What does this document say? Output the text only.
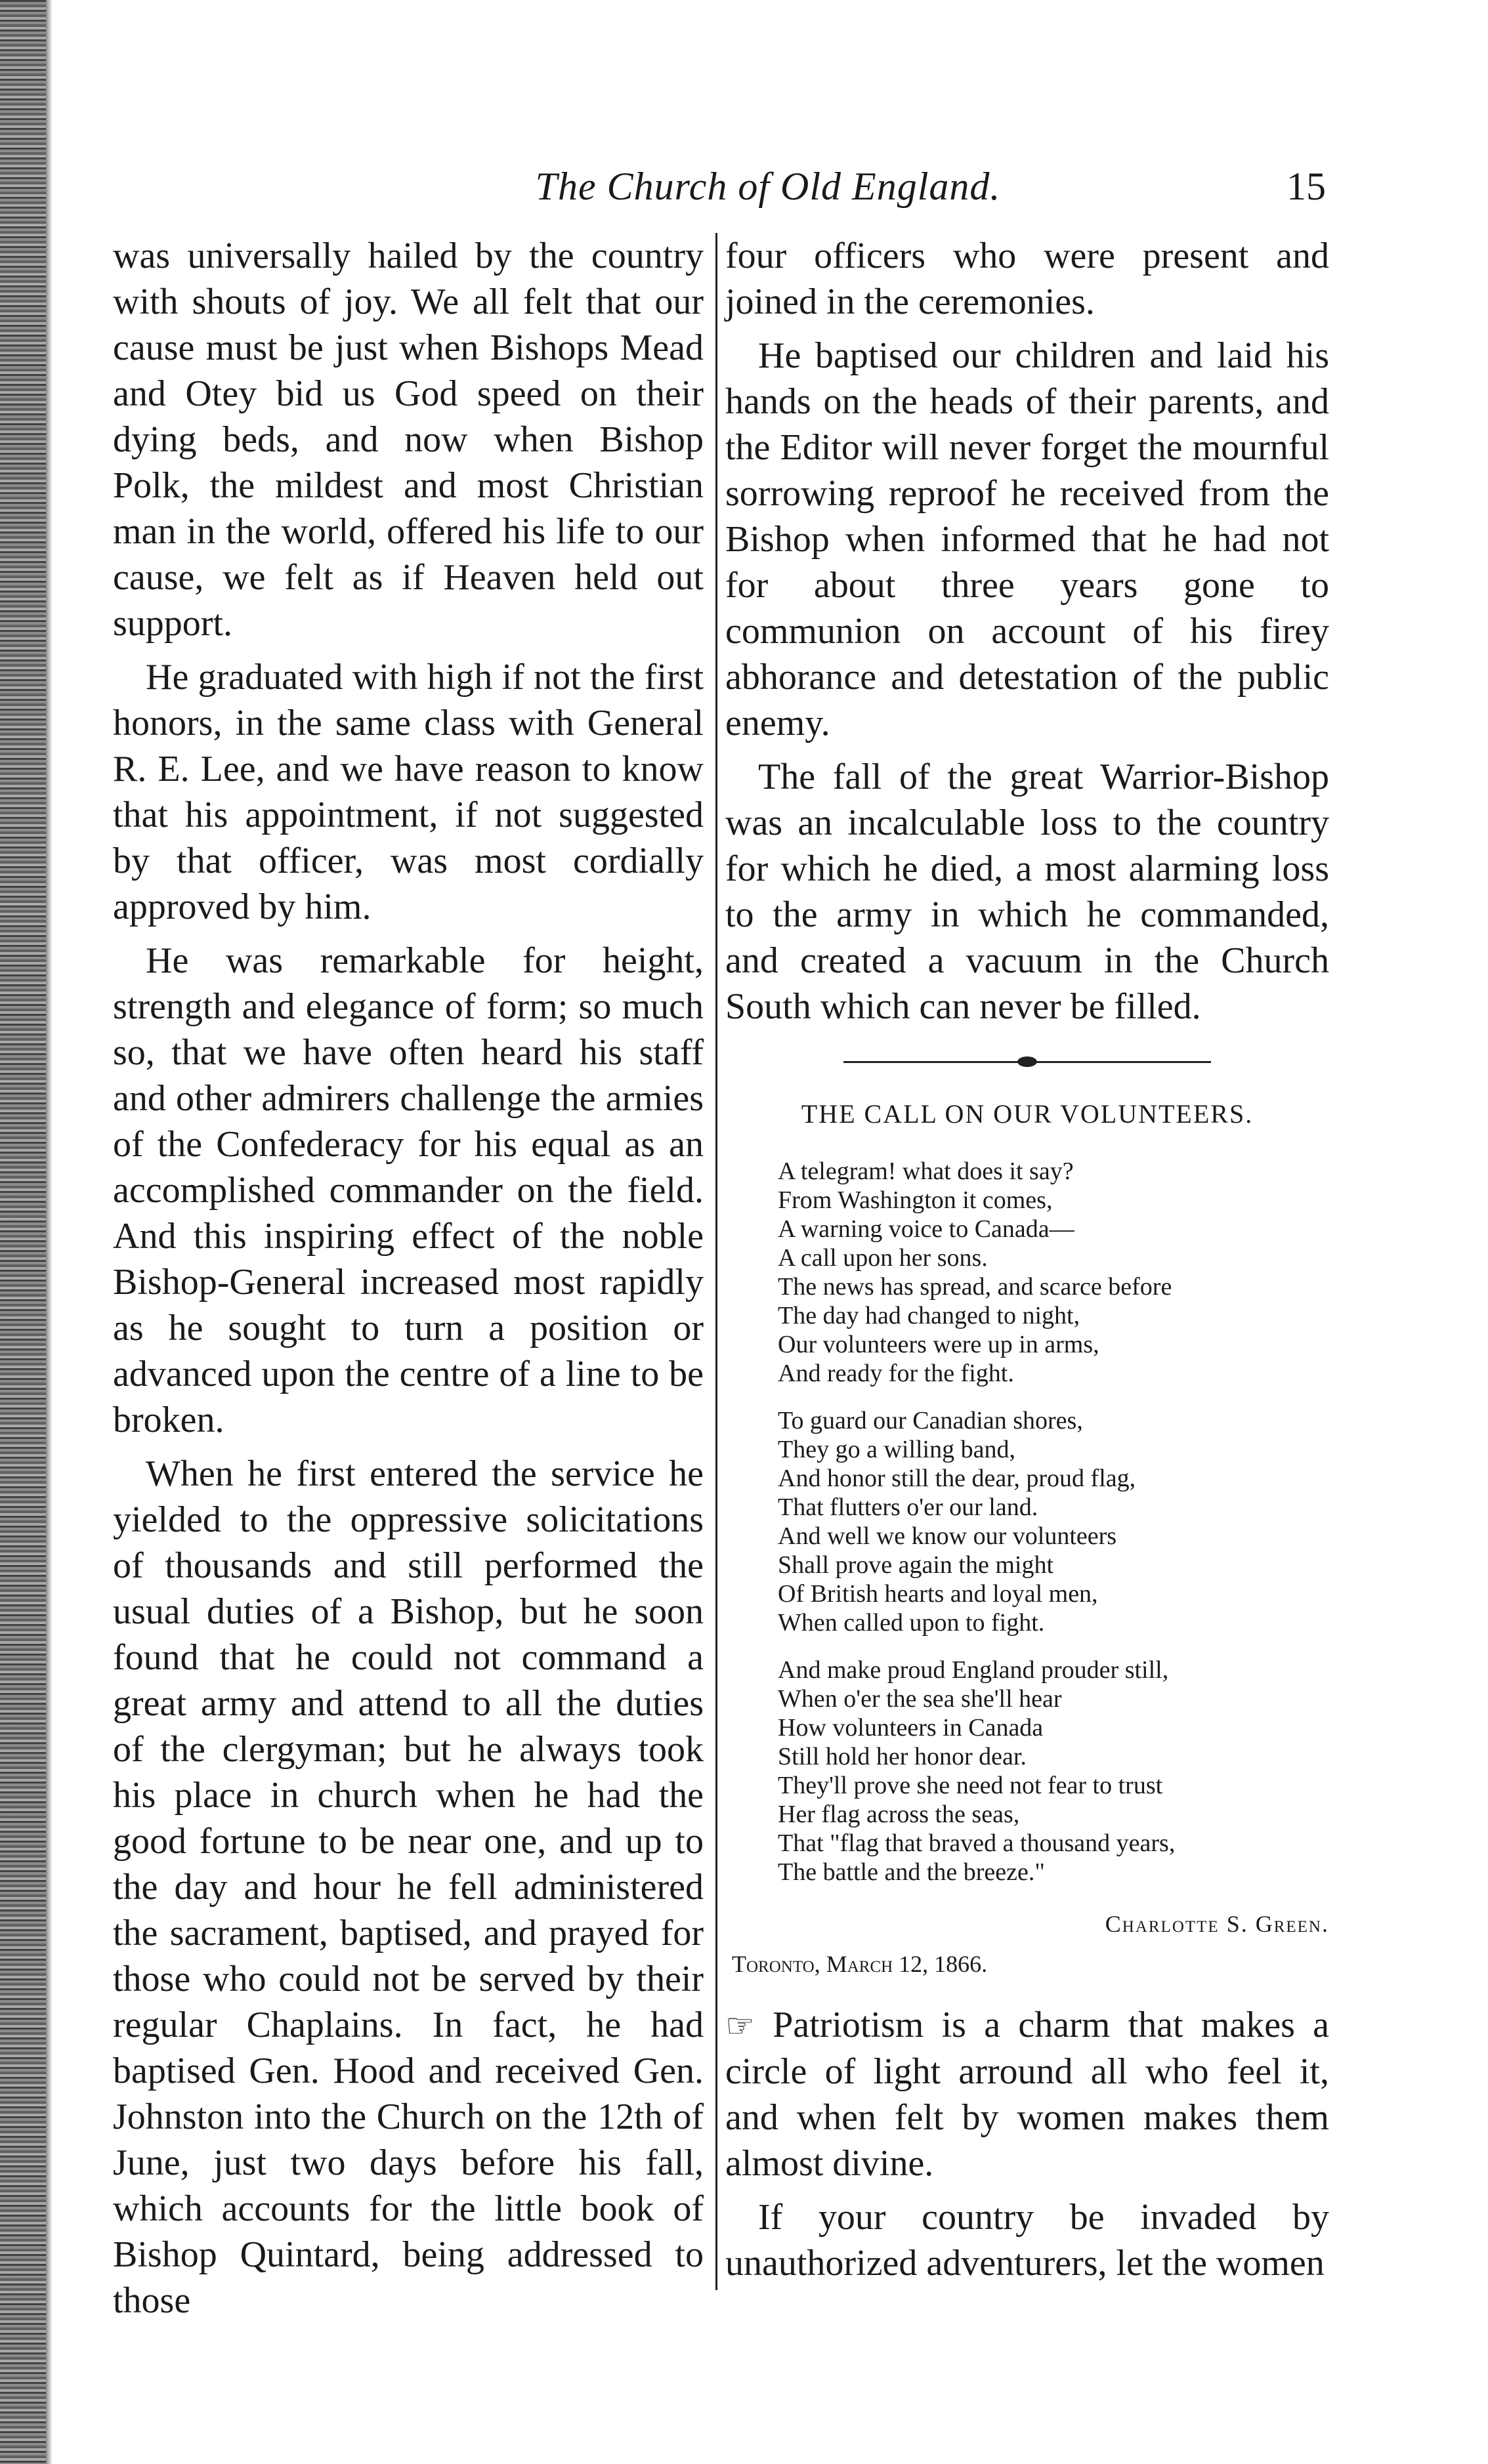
The Church of Old England.	15

was universally hailed by the country with shouts of joy. We all felt that our cause must be just when Bishops Mead and Otey bid us God speed on their dying beds, and now when Bishop Polk, the mildest and most Christian man in the world, offered his life to our cause, we felt as if Heaven held out support.

He graduated with high if not the first honors, in the same class with General R. E. Lee, and we have reason to know that his appointment, if not suggested by that officer, was most cordially approved by him.

He was remarkable for height, strength and elegance of form; so much so, that we have often heard his staff and other admirers challenge the armies of the Confederacy for his equal as an accomplished commander on the field. And this inspiring effect of the noble Bishop-General increased most rapidly as he sought to turn a position or advanced upon the centre of a line to be broken.

When he first entered the service he yielded to the oppressive solicitations of thousands and still performed the usual duties of a Bishop, but he soon found that he could not command a great army and attend to all the duties of the clergyman; but he always took his place in church when he had the good fortune to be near one, and up to the day and hour he fell administered the sacrament, baptised, and prayed for those who could not be served by their regular Chaplains. In fact, he had baptised Gen. Hood and received Gen. Johnston into the Church on the 12th of June, just two days before his fall, which accounts for the little book of Bishop Quintard, being addressed to those

four officers who were present and joined in the ceremonies.

He baptised our children and laid his hands on the heads of their parents, and the Editor will never forget the mournful sorrowing reproof he received from the Bishop when informed that he had not for about three years gone to communion on account of his firey abhorance and detestation of the public enemy.

The fall of the great Warrior-Bishop was an incalculable loss to the country for which he died, a most alarming loss to the army in which he commanded, and created a vacuum in the Church South which can never be filled.

THE CALL ON OUR VOLUNTEERS.
A telegram! what does it say?
From Washington it comes,
A warning voice to Canada—
A call upon her sons.
The news has spread, and scarce before
The day had changed to night,
Our volunteers were up in arms,
And ready for the fight.
To guard our Canadian shores,
They go a willing band,
And honor still the dear, proud flag,
That flutters o'er our land.
And well we know our volunteers
Shall prove again the might
Of British hearts and loyal men,
When called upon to fight.
And make proud England prouder still,
When o'er the sea she'll hear
How volunteers in Canada
Still hold her honor dear.
They'll prove she need not fear to trust
Her flag across the seas,
That "flag that braved a thousand years,
The battle and the breeze."
Charlotte S. Green.
Toronto, March 12, 1866.

☞ Patriotism is a charm that makes a circle of light arround all who feel it, and when felt by women makes them almost divine.

If your country be invaded by unauthorized adventurers, let the women
